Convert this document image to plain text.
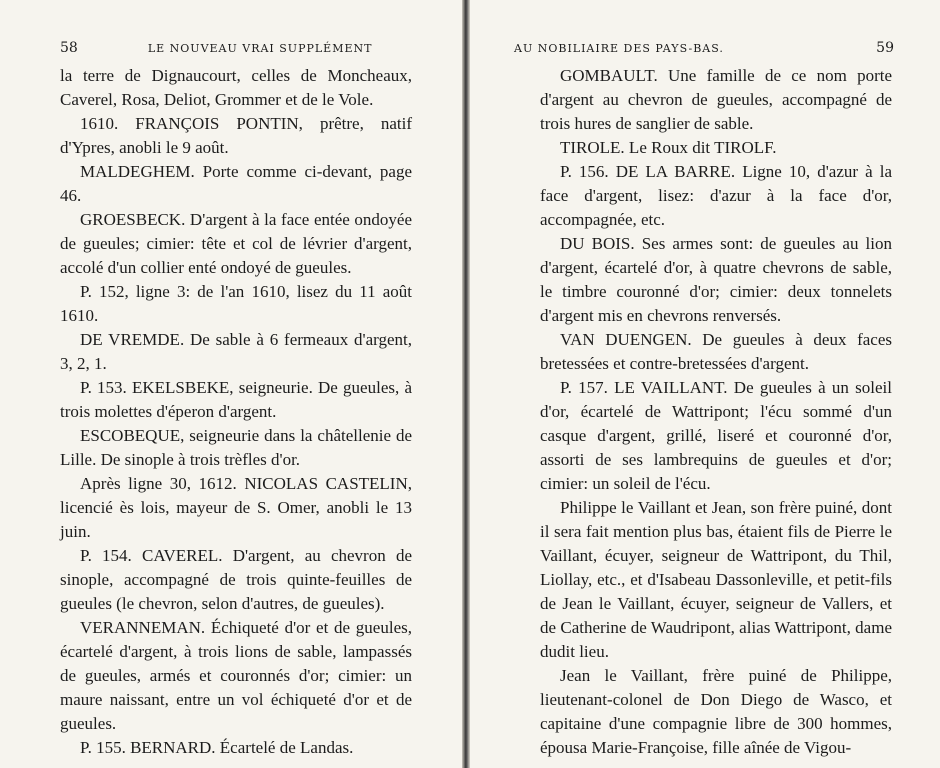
58	LE NOUVEAU VRAI SUPPLÉMENT

la terre de Dignaucourt, celles de Moncheaux, Caverel, Rosa, Deliot, Grommer et de le Vole.

1610. FRANÇOIS PONTIN, prêtre, natif d'Ypres, anobli le 9 août.

MALDEGHEM. Porte comme ci-devant, page 46.

GROESBECK. D'argent à la face entée ondoyée de gueules; cimier: tête et col de lévrier d'argent, accolé d'un collier enté ondoyé de gueules.

P. 152, ligne 3: de l'an 1610, lisez du 11 août 1610.

DE VREMDE. De sable à 6 fermeaux d'argent, 3, 2, 1.

P. 153. EKELSBEKE, seigneurie. De gueules, à trois molettes d'éperon d'argent.

ESCOBEQUE, seigneurie dans la châtellenie de Lille. De sinople à trois trèfles d'or.

Après ligne 30, 1612. NICOLAS CASTELIN, licencié ès lois, mayeur de S. Omer, anobli le 13 juin.

P. 154. CAVEREL. D'argent, au chevron de sinople, accompagné de trois quinte-feuilles de gueules (le chevron, selon d'autres, de gueules).

VERANNEMAN. Échiqueté d'or et de gueules, écartelé d'argent, à trois lions de sable, lampassés de gueules, armés et couronnés d'or; cimier: un maure naissant, entre un vol échiqueté d'or et de gueules.

P. 155. BERNARD. Écartelé de Landas.

AU NOBILIAIRE DES PAYS-BAS.	59

GOMBAULT. Une famille de ce nom porte d'argent au chevron de gueules, accompagné de trois hures de sanglier de sable.

TIROLE. Le Roux dit TIROLF.

P. 156. DE LA BARRE. Ligne 10, d'azur à la face d'argent, lisez: d'azur à la face d'or, accompagnée, etc.

DU BOIS. Ses armes sont: de gueules au lion d'argent, écartelé d'or, à quatre chevrons de sable, le timbre couronné d'or; cimier: deux tonnelets d'argent mis en chevrons renversés.

VAN DUENGEN. De gueules à deux faces bretessées et contre-bretessées d'argent.

P. 157. LE VAILLANT. De gueules à un soleil d'or, écartelé de Wattripont; l'écu sommé d'un casque d'argent, grillé, liseré et couronné d'or, assorti de ses lambrequins de gueules et d'or; cimier: un soleil de l'écu.

Philippe le Vaillant et Jean, son frère puiné, dont il sera fait mention plus bas, étaient fils de Pierre le Vaillant, écuyer, seigneur de Wattripont, du Thil, Liollay, etc., et d'Isabeau Dassonleville, et petit-fils de Jean le Vaillant, écuyer, seigneur de Vallers, et de Catherine de Waudripont, alias Wattripont, dame dudit lieu.

Jean le Vaillant, frère puiné de Philippe, lieutenant-colonel de Don Diego de Wasco, et capitaine d'une compagnie libre de 300 hommes, épousa Marie-Françoise, fille aînée de Vigou-
